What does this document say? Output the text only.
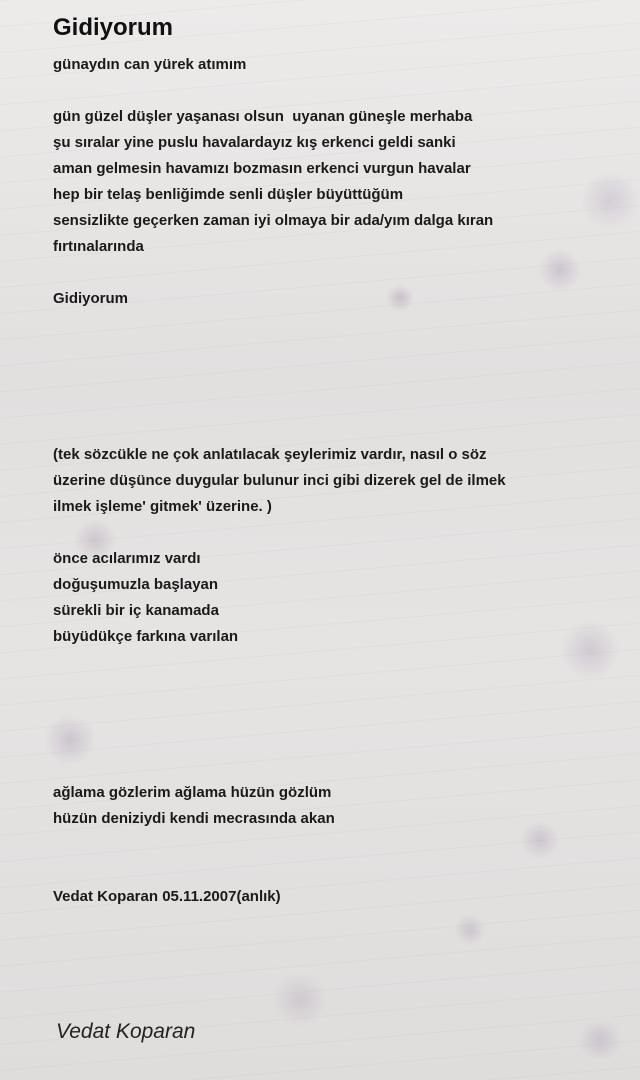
Gidiyorum
günaydın can yürek atımım
gün güzel düşler yaşanası olsun  uyanan güneşle merhaba
şu sıralar yine puslu havalardayız kış erkenci geldi sanki
aman gelmesin havamızı bozmasın erkenci vurgun havalar
hep bir telaş benliğimde senli düşler büyüttüğüm
sensizlikte geçerken zaman iyi olmaya bir ada/yım dalga kıran
fırtınalarında
Gidiyorum
(tek sözcükle ne çok anlatılacak şeylerimiz vardır, nasıl o söz
üzerine düşünce duygular bulunur inci gibi dizerek gel de ilmek
ilmek işleme' gitmek' üzerine. )
önce acılarımız vardı
doğuşumuzla başlayan
sürekli bir iç kanamada
büyüdükçe farkına varılan
ağlama gözlerim ağlama hüzün gözlüm
hüzün deniziydi kendi mecrasında akan
Vedat Koparan 05.11.2007(anlık)

Vedat Koparan
